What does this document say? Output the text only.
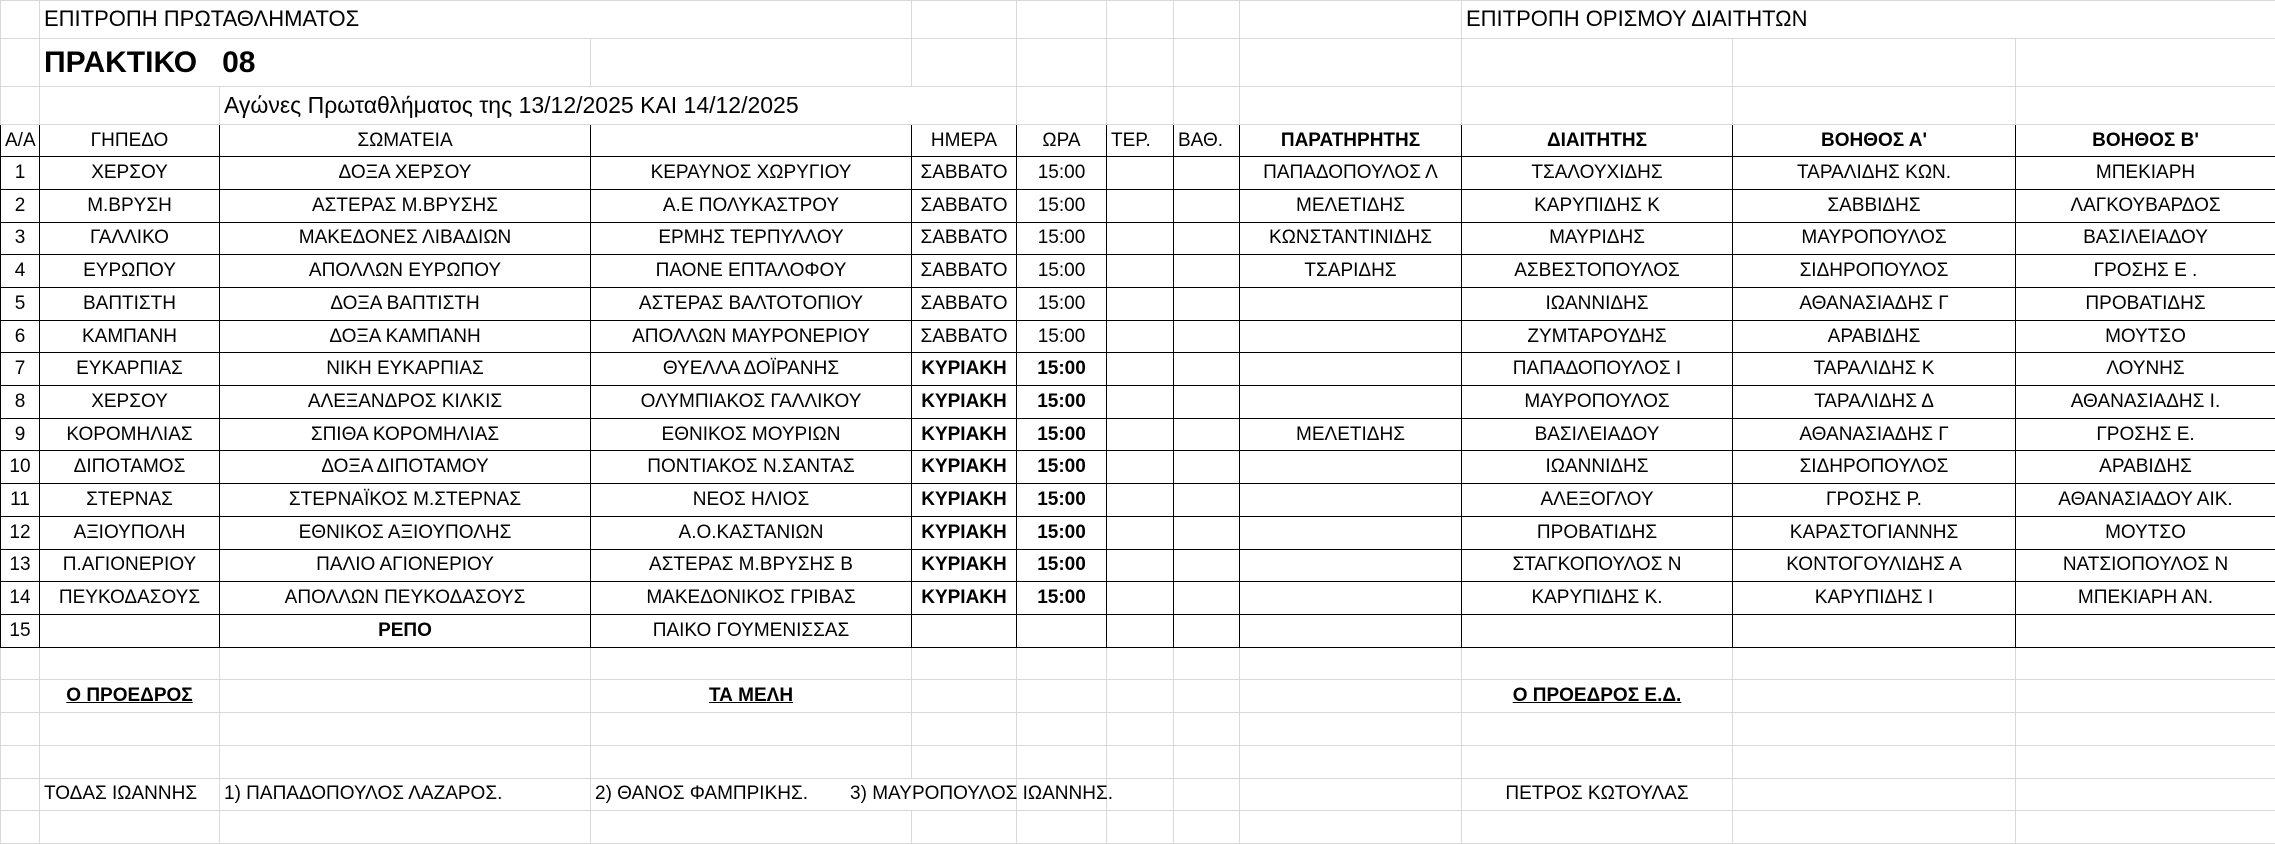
	ΕΠΙΤΡΟΠΗ ΠΡΩΤΑΘΛΗΜΑΤΟΣ								ΕΠΙΤΡΟΠΗ ΟΡΙΣΜΟΥ ΔΙΑΙΤΗΤΩΝ		
	ΠΡΑΚΤΙΚΟ 08										
		Αγώνες Πρωταθλήματος της 13/12/2025 ΚΑΙ 14/12/2025									
Α/Α	ΓΗΠΕΔΟ	ΣΩΜΑΤΕΙΑ		ΗΜΕΡΑ	ΩΡΑ	ΤΕΡ.	ΒΑΘ.	ΠΑΡΑΤΗΡΗΤΗΣ	ΔΙΑΙΤΗΤΗΣ	ΒΟΗΘΟΣ Α'	ΒΟΗΘΟΣ Β'
1	ΧΕΡΣΟΥ	ΔΟΞΑ ΧΕΡΣΟΥ	ΚΕΡΑΥΝΟΣ ΧΩΡΥΓΙΟΥ	ΣΑΒΒΑΤΟ	15:00			ΠΑΠΑΔΟΠΟΥΛΟΣ Λ	ΤΣΑΛΟΥΧΙΔΗΣ	ΤΑΡΑΛΙΔΗΣ ΚΩΝ.	ΜΠΕΚΙΑΡΗ
2	Μ.ΒΡΥΣΗ	ΑΣΤΕΡΑΣ Μ.ΒΡΥΣΗΣ	Α.Ε ΠΟΛΥΚΑΣΤΡΟΥ	ΣΑΒΒΑΤΟ	15:00			ΜΕΛΕΤΙΔΗΣ	ΚΑΡΥΠΙΔΗΣ Κ	ΣΑΒΒΙΔΗΣ	ΛΑΓΚΟΥΒΑΡΔΟΣ
3	ΓΑΛΛΙΚΟ	ΜΑΚΕΔΟΝΕΣ ΛΙΒΑΔΙΩΝ	ΕΡΜΗΣ ΤΕΡΠΥΛΛΟΥ	ΣΑΒΒΑΤΟ	15:00			ΚΩΝΣΤΑΝΤΙΝΙΔΗΣ	ΜΑΥΡΙΔΗΣ	ΜΑΥΡΟΠΟΥΛΟΣ	ΒΑΣΙΛΕΙΑΔΟΥ
4	ΕΥΡΩΠΟΥ	ΑΠΟΛΛΩΝ ΕΥΡΩΠΟΥ	ΠΑΟΝΕ ΕΠΤΑΛΟΦΟΥ	ΣΑΒΒΑΤΟ	15:00			ΤΣΑΡΙΔΗΣ	ΑΣΒΕΣΤΟΠΟΥΛΟΣ	ΣΙΔΗΡΟΠΟΥΛΟΣ	ΓΡΟΣΗΣ Ε .
5	ΒΑΠΤΙΣΤΗ	ΔΟΞΑ ΒΑΠΤΙΣΤΗ	ΑΣΤΕΡΑΣ ΒΑΛΤΟΤΟΠΙΟΥ	ΣΑΒΒΑΤΟ	15:00				ΙΩΑΝΝΙΔΗΣ	ΑΘΑΝΑΣΙΑΔΗΣ Γ	ΠΡΟΒΑΤΙΔΗΣ
6	ΚΑΜΠΑΝΗ	ΔΟΞΑ ΚΑΜΠΑΝΗ	ΑΠΟΛΛΩΝ ΜΑΥΡΟΝΕΡΙΟΥ	ΣΑΒΒΑΤΟ	15:00				ΖΥΜΤΑΡΟΥΔΗΣ	ΑΡΑΒΙΔΗΣ	ΜΟΥΤΣΟ
7	ΕΥΚΑΡΠΙΑΣ	ΝΙΚΗ ΕΥΚΑΡΠΙΑΣ	ΘΥΕΛΛΑ ΔΟΪΡΑΝΗΣ	ΚΥΡΙΑΚΗ	15:00				ΠΑΠΑΔΟΠΟΥΛΟΣ Ι	ΤΑΡΑΛΙΔΗΣ Κ	ΛΟΥΝΗΣ
8	ΧΕΡΣΟΥ	ΑΛΕΞΑΝΔΡΟΣ ΚΙΛΚΙΣ	ΟΛΥΜΠΙΑΚΟΣ ΓΑΛΛΙΚΟΥ	ΚΥΡΙΑΚΗ	15:00				ΜΑΥΡΟΠΟΥΛΟΣ	ΤΑΡΑΛΙΔΗΣ Δ	ΑΘΑΝΑΣΙΑΔΗΣ Ι.
9	ΚΟΡΟΜΗΛΙΑΣ	ΣΠΙΘΑ ΚΟΡΟΜΗΛΙΑΣ	ΕΘΝΙΚΟΣ ΜΟΥΡΙΩΝ	ΚΥΡΙΑΚΗ	15:00			ΜΕΛΕΤΙΔΗΣ	ΒΑΣΙΛΕΙΑΔΟΥ	ΑΘΑΝΑΣΙΑΔΗΣ Γ	ΓΡΟΣΗΣ Ε.
10	ΔΙΠΟΤΑΜΟΣ	ΔΟΞΑ ΔΙΠΟΤΑΜΟΥ	ΠΟΝΤΙΑΚΟΣ Ν.ΣΑΝΤΑΣ	ΚΥΡΙΑΚΗ	15:00				ΙΩΑΝΝΙΔΗΣ	ΣΙΔΗΡΟΠΟΥΛΟΣ	ΑΡΑΒΙΔΗΣ
11	ΣΤΕΡΝΑΣ	ΣΤΕΡΝΑΪΚΟΣ Μ.ΣΤΕΡΝΑΣ	ΝΕΟΣ ΗΛΙΟΣ	ΚΥΡΙΑΚΗ	15:00				ΑΛΕΞΟΓΛΟΥ	ΓΡΟΣΗΣ Ρ.	ΑΘΑΝΑΣΙΑΔΟΥ ΑΙΚ.
12	ΑΞΙΟΥΠΟΛΗ	ΕΘΝΙΚΟΣ ΑΞΙΟΥΠΟΛΗΣ	Α.Ο.ΚΑΣΤΑΝΙΩΝ	ΚΥΡΙΑΚΗ	15:00				ΠΡΟΒΑΤΙΔΗΣ	ΚΑΡΑΣΤΟΓΙΑΝΝΗΣ	ΜΟΥΤΣΟ
13	Π.ΑΓΙΟΝΕΡΙΟΥ	ΠΑΛΙΟ ΑΓΙΟΝΕΡΙΟΥ	ΑΣΤΕΡΑΣ Μ.ΒΡΥΣΗΣ Β	ΚΥΡΙΑΚΗ	15:00				ΣΤΑΓΚΟΠΟΥΛΟΣ Ν	ΚΟΝΤΟΓΟΥΛΙΔΗΣ Α	ΝΑΤΣΙΟΠΟΥΛΟΣ Ν
14	ΠΕΥΚΟΔΑΣΟΥΣ	ΑΠΟΛΛΩΝ ΠΕΥΚΟΔΑΣΟΥΣ	ΜΑΚΕΔΟΝΙΚΟΣ ΓΡΙΒΑΣ	ΚΥΡΙΑΚΗ	15:00				ΚΑΡΥΠΙΔΗΣ Κ.	ΚΑΡΥΠΙΔΗΣ Ι	ΜΠΕΚΙΑΡΗ ΑΝ.
15		ΡΕΠΟ	ΠΑΙΚΟ ΓΟΥΜΕΝΙΣΣΑΣ								

	Ο ΠΡΟΕΔΡΟΣ		ΤΑ ΜΕΛΗ						Ο ΠΡΟΕΔΡΟΣ Ε.Δ.		

	ΤΟΔΑΣ ΙΩΑΝΝΗΣ	1) ΠΑΠΑΔΟΠΟΥΛΟΣ ΛΑΖΑΡΟΣ.	2) ΘΑΝΟΣ ΦΑΜΠΡΙΚΗΣ. 3) ΜΑΥΡΟΠΟΥΛΟΣ ΙΩΑΝΝΗΣ.						ΠΕΤΡΟΣ ΚΩΤΟΥΛΑΣ		
